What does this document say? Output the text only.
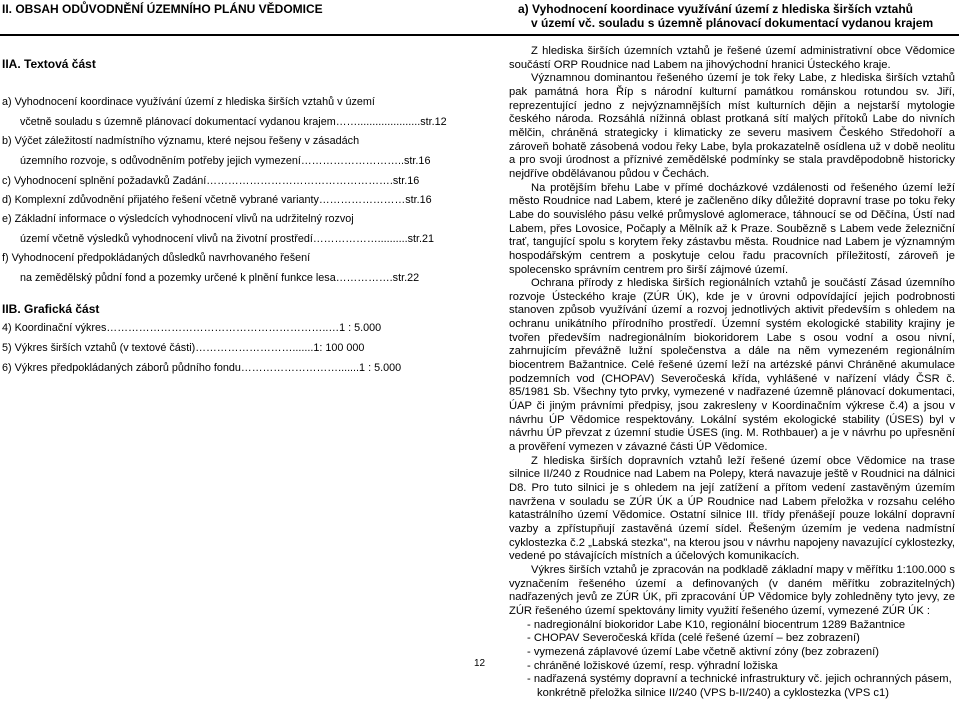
II. OBSAH ODŮVODNĚNÍ ÚZEMNÍHO PLÁNU VĚDOMICE	a) Vyhodnocení koordinace využívání území z hlediska širších vztahů
v území vč. souladu s územně plánovací dokumentací vydanou krajem
IIA. Textová část
a) Vyhodnocení koordinace využívání území z hlediska širších vztahů v území
včetně souladu s územně plánovací dokumentací vydanou krajem…….....................str.12
b) Výčet záležitostí nadmístního významu, které nejsou řešeny v zásadách
územního rozvoje, s odůvodněním potřeby jejich vymezení………………………..str.16
c) Vyhodnocení splnění požadavků Zadání…………………………………………….str.16
d) Komplexní zdůvodnění přijatého řešení včetně vybrané varianty……………………str.16
e) Základní informace o výsledcích vyhodnocení vlivů na udržitelný rozvoj
území včetně výsledků vyhodnocení vlivů na životní prostředí………………..........str.21
f) Vyhodnocení předpokládaných důsledků navrhovaného řešení
na zemědělský půdní fond a pozemky určené k plnění funkce lesa…………….str.22
IIB. Grafická část
4) Koordinační výkres……………………………………………………..…1 : 5.000
5) Výkres širších vztahů (v textové části)……………………….......1: 100 000
6) Výkres předpokládaných záborů půdního fondu……………………….......1 : 5.000

Z hlediska širších územních vztahů je řešené území administrativní obce Vědomice součástí ORP Roudnice nad Labem na jihovýchodní hranici Ústeckého kraje.

Významnou dominantou řešeného území je tok řeky Labe, z hlediska širších vztahů pak památná hora Říp s národní kulturní památkou románskou rotundou sv. Jiří, reprezentující jedno z nejvýznamnějších míst kulturních dějin a nejstarší mytologie českého národa. Rozsáhlá nížinná oblast protkaná sítí malých přítoků Labe do nivních mělčin, chráněná strategicky i klimaticky ze severu masivem Českého Středohoří a zároveň bohatě zásobená vodou řeky Labe, byla prokazatelně osídlena už v době neolitu a pro svoji úrodnost a příznivé zemědělské podmínky se stala pravděpodobně historicky nejdříve obdělávanou půdou v Čechách.

Na protějším břehu Labe v přímé docházkové vzdálenosti od řešeného území leží město Roudnice nad Labem, které je začleněno díky důležité dopravní trase po toku řeky Labe do souvislého pásu velké průmyslové aglomerace, táhnoucí se od Děčína, Ústí nad Labem, přes Lovosice, Počaply a Mělník až k Praze. Soubězně s Labem vede železniční trať, tangující spolu s korytem řeky zástavbu města. Roudnice nad Labem je významným hospodářským centrem a poskytuje celou řadu pracovních příležitostí, zároveň je spolecensko správním centrem pro širší zájmové území.

Ochrana přírody z hlediska širších regionálních vztahů je součástí Zásad územního rozvoje Ústeckého kraje (ZÚR ÚK), kde je v úrovni odpovídající jejich podrobnosti stanoven způsob využívání území a rozvoj jednotlivých aktivit především s ohledem na ochranu unikátního přírodního prostředí. Územní systém ekologické stability krajiny je tvořen především nadregionálním biokoridorem Labe s osou vodní a osou nivní, zahrnujícím převážně lužní společenstva a dále na něm vymezeném regionálním biocentrem Bažantnice. Celé řešené území leží na artézské pánvi Chráněné akumulace podzemních vod (CHOPAV) Severočeská křída, vyhlášené v nařízení vlády ČSR č. 85/1981 Sb. Všechny tyto prvky, vymezené v nadřazené územně plánovací dokumentaci, ÚAP či jiným právními předpisy, jsou zakresleny v Koordinačním výkrese č.4) a jsou v návrhu ÚP Vědomice respektovány. Lokální systém ekologické stability (ÚSES) byl v návrhu ÚP převzat z územní studie ÚSES (ing. M. Rothbauer) a je v návrhu po upřesnění a prověření vymezen v závazné části ÚP Vědomice.

Z hlediska širších dopravních vztahů leží řešené území obce Vědomice na trase silnice II/240 z Roudnice nad Labem na Polepy, která navazuje ještě v Roudnici na dálnici D8. Pro tuto silnici je s ohledem na její zatížení a přítom vedení zastavěným územím navržena v souladu se ZÚR ÚK a ÚP Roudnice nad Labem přeložka v rozsahu celého katastrálního území Vědomice. Ostatní silnice III. třídy přenášejí pouze lokální dopravní vazby a zpřístupňují zastavěná území sídel. Řešeným územím je vedena nadmístní cyklostezka č.2 „Labská stezka", na kterou jsou v návrhu napojeny navazující cyklostezky, vedené po stávajících místních a účelových komunikacích.

Výkres širších vztahů je zpracován na podkladě základní mapy v měřítku 1:100.000 s vyznačením řešeného území a definovaných (v daném měřítku zobrazitelných) nadřazených jevů ze ZÚR ÚK, při zpracování ÚP Vědomice byly zohledněny tyto jevy, ze ZÚR řešeného území spektovány limity využití řešeného území, vymezené ZÚR ÚK :

- nadregionální biokoridor Labe K10, regionální biocentrum 1289 Bažantnice
- CHOPAV Severočeská křída (celé řešené území – bez zobrazení)
- vymezená záplavové území Labe včetně aktivní zóny (bez zobrazení)
- chráněné ložiskové území, resp. výhradní ložiska
- nadřazená systémy dopravní a technické infrastruktury vč. jejich ochranných pásem,
konkrétně přeložka silnice II/240 (VPS b-II/240) a cyklostezka (VPS c1)
12
